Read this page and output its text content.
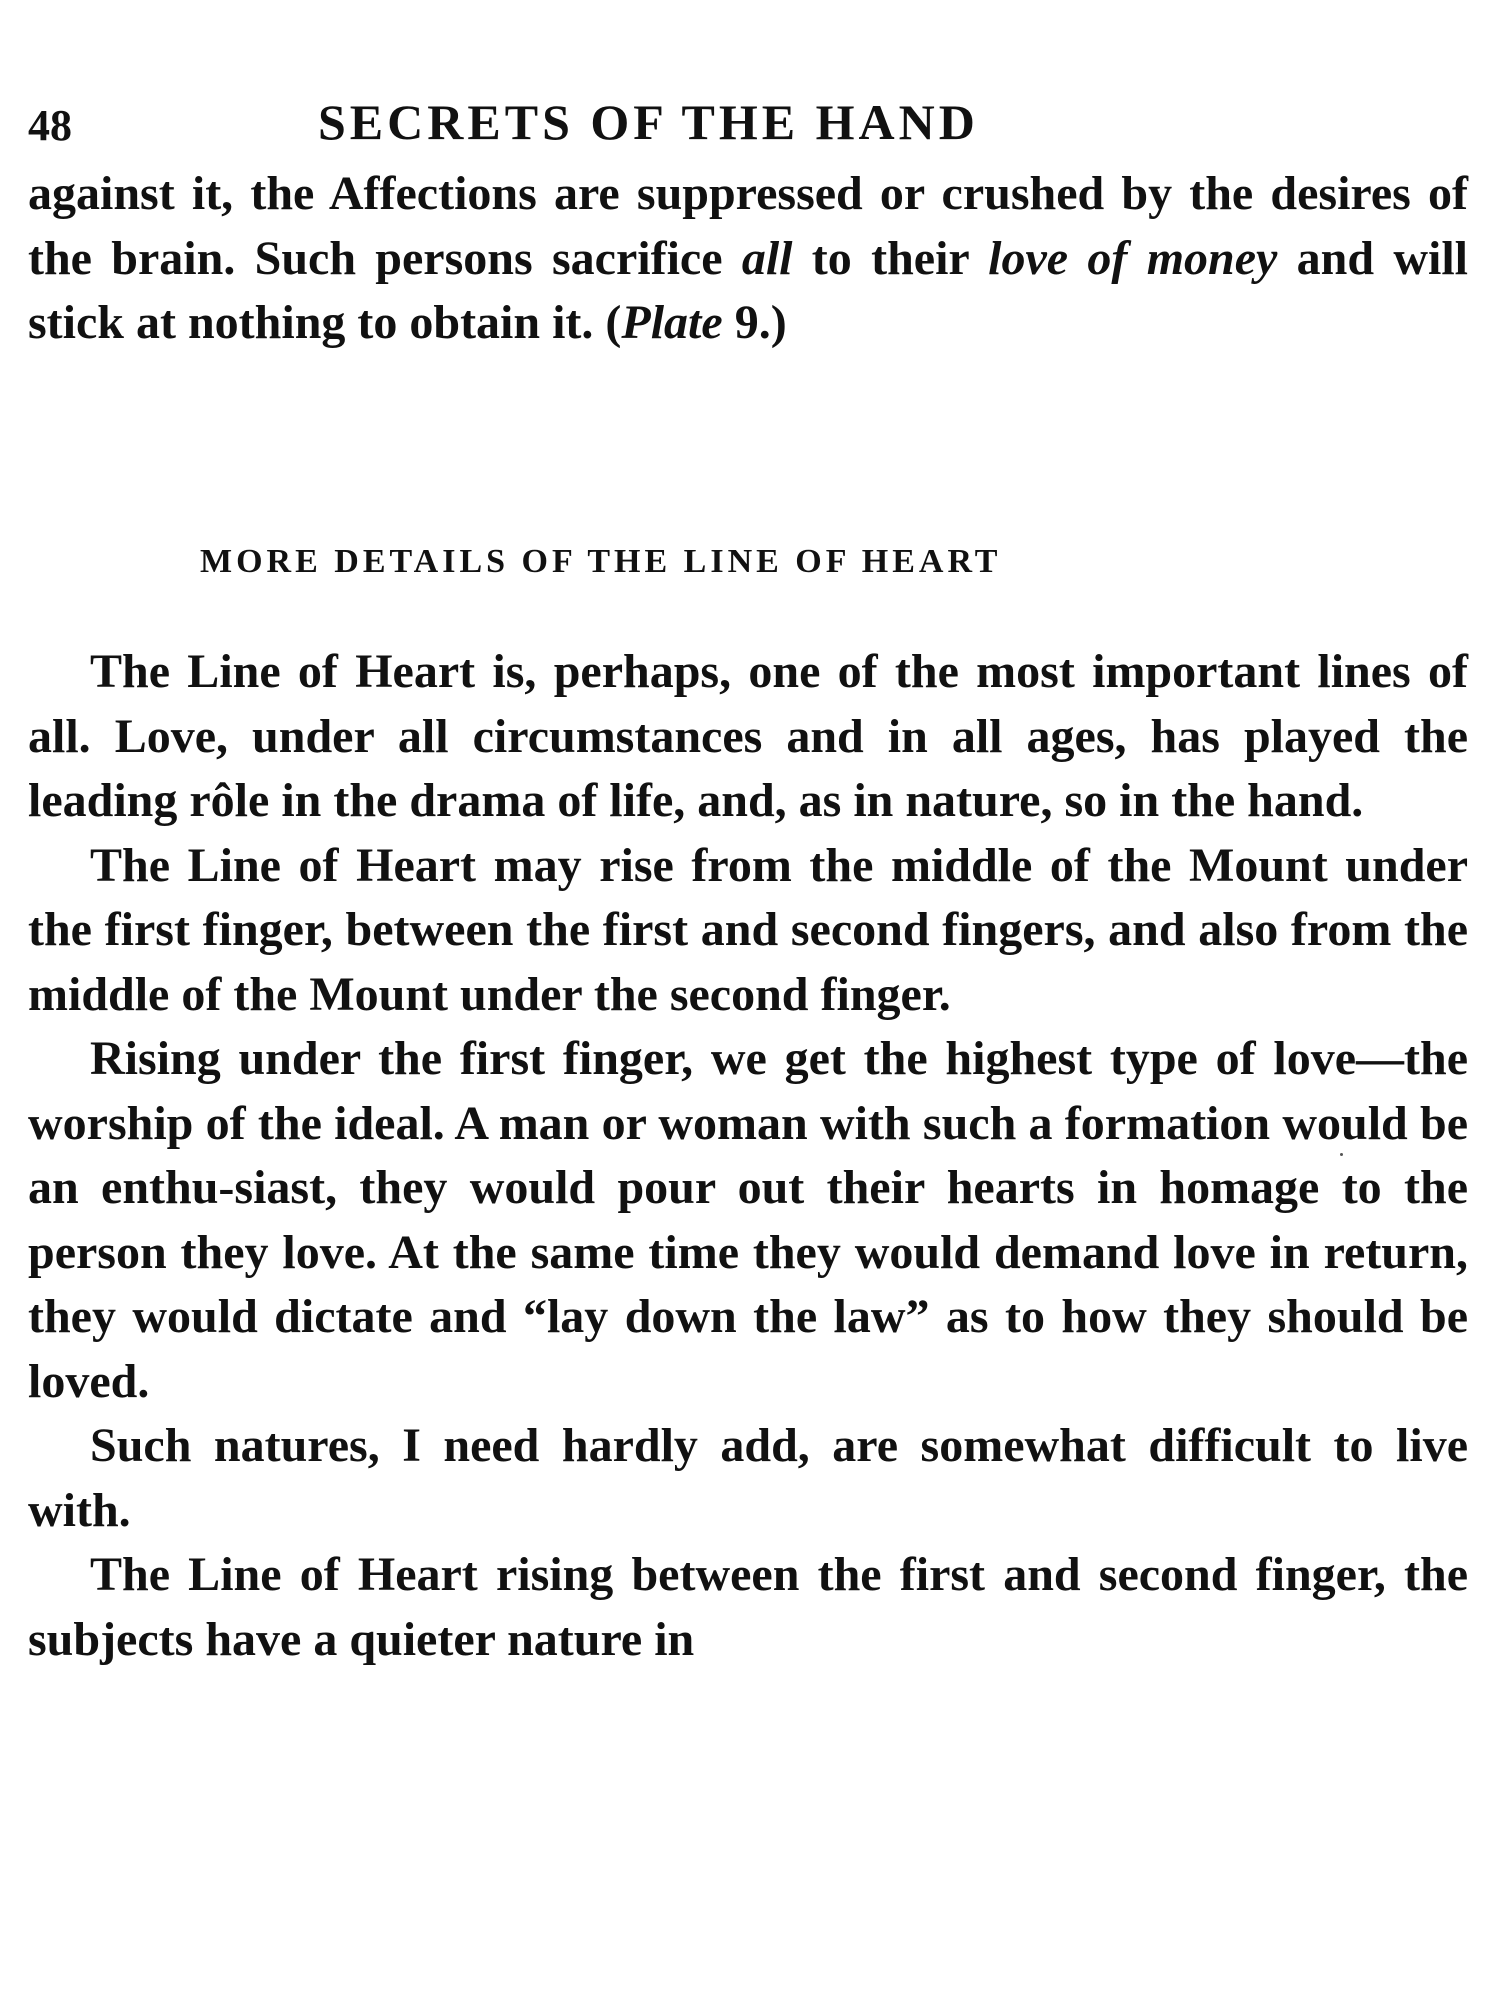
48	SECRETS OF THE HAND

against it, the Affections are suppressed or crushed by the desires of the brain. Such persons sacrifice all to their love of money and will stick at nothing to obtain it. (Plate 9.)

MORE DETAILS OF THE LINE OF HEART

The Line of Heart is, perhaps, one of the most important lines of all. Love, under all circumstances and in all ages, has played the leading rôle in the drama of life, and, as in nature, so in the hand.

The Line of Heart may rise from the middle of the Mount under the first finger, between the first and second fingers, and also from the middle of the Mount under the second finger.

Rising under the first finger, we get the highest type of love—the worship of the ideal. A man or woman with such a formation would be an enthu-siast, they would pour out their hearts in homage to the person they love. At the same time they would demand love in return, they would dictate and “lay down the law” as to how they should be loved.

Such natures, I need hardly add, are somewhat difficult to live with.

The Line of Heart rising between the first and second finger, the subjects have a quieter nature in
